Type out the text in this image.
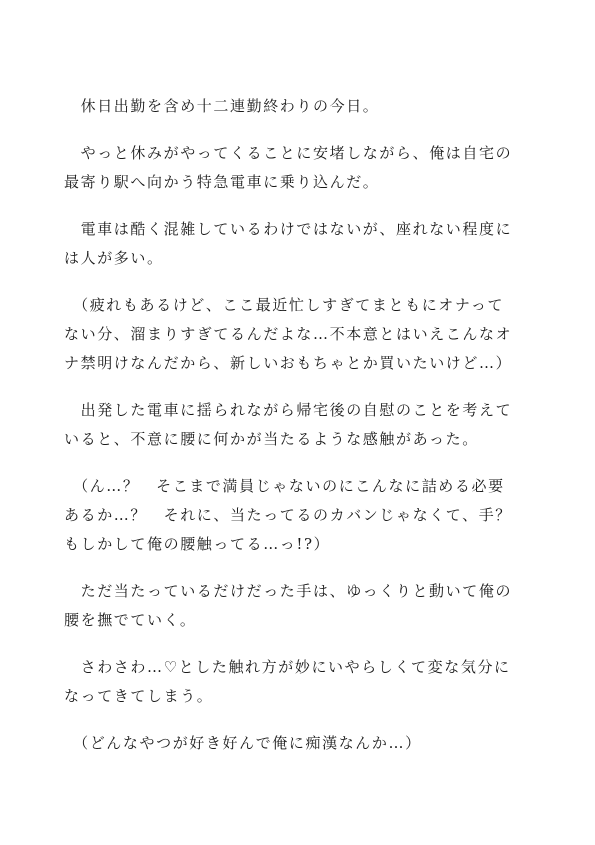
　休日出勤を含め十二連勤終わりの今日。
　やっと休みがやってくることに安堵しながら、俺は自宅の
最寄り駅へ向かう特急電車に乗り込んだ。
　電車は酷く混雑しているわけではないが、座れない程度に
は人が多い。
　（疲れもあるけど、ここ最近忙しすぎてまともにオナって
ない分、溜まりすぎてるんだよな…不本意とはいえこんなオ
ナ禁明けなんだから、新しいおもちゃとか買いたいけど…）
　出発した電車に揺られながら帰宅後の自慰のことを考えて
いると、不意に腰に何かが当たるような感触があった。
　（ん…？　そこまで満員じゃないのにこんなに詰める必要
あるか…？　それに、当たってるのカバンじゃなくて、手？
もしかして俺の腰触ってる…っ!?）
　ただ当たっているだけだった手は、ゆっくりと動いて俺の
腰を撫でていく。
　さわさわ…♡とした触れ方が妙にいやらしくて変な気分に
なってきてしまう。
　（どんなやつが好き好んで俺に痴漢なんか…）
